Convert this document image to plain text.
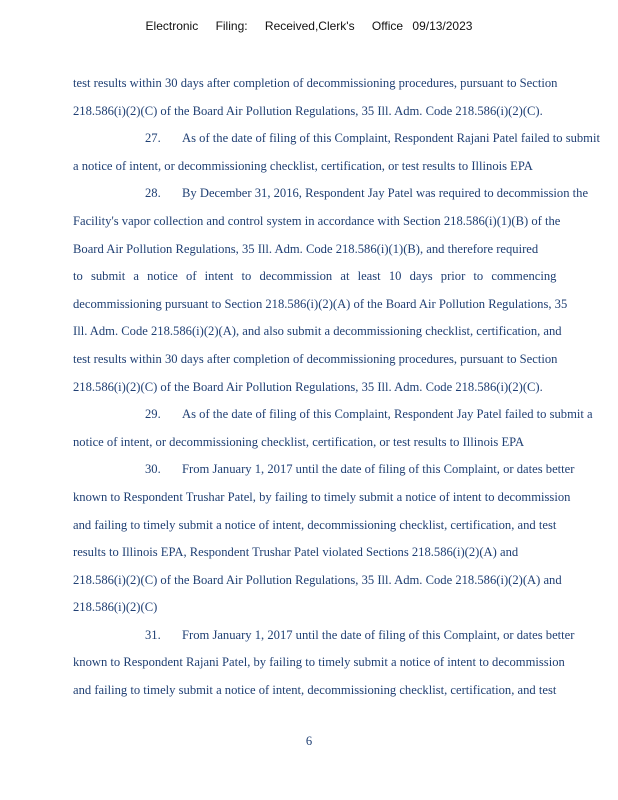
Electronic Filing: Received,Clerk's Office 09/13/2023
test results within 30 days after completion of decommissioning procedures, pursuant to Section
218.586(i)(2)(C) of the Board Air Pollution Regulations, 35 Ill. Adm. Code 218.586(i)(2)(C).
27. As of the date of filing of this Complaint, Respondent Rajani Patel failed to submit
a notice of intent, or decommissioning checklist, certification, or test results to Illinois EPA
28. By December 31, 2016, Respondent Jay Patel was required to decommission the
Facility's vapor collection and control system in accordance with Section 218.586(i)(1)(B) of the
Board Air Pollution Regulations, 35 Ill. Adm. Code 218.586(i)(1)(B), and therefore required
to submit a notice of intent to decommission at least 10 days prior to commencing
decommissioning pursuant to Section 218.586(i)(2)(A) of the Board Air Pollution Regulations, 35
Ill. Adm. Code 218.586(i)(2)(A), and also submit a decommissioning checklist, certification, and
test results within 30 days after completion of decommissioning procedures, pursuant to Section
218.586(i)(2)(C) of the Board Air Pollution Regulations, 35 Ill. Adm. Code 218.586(i)(2)(C).
29. As of the date of filing of this Complaint, Respondent Jay Patel failed to submit a
notice of intent, or decommissioning checklist, certification, or test results to Illinois EPA
30. From January 1, 2017 until the date of filing of this Complaint, or dates better
known to Respondent Trushar Patel, by failing to timely submit a notice of intent to decommission
and failing to timely submit a notice of intent, decommissioning checklist, certification, and test
results to Illinois EPA, Respondent Trushar Patel violated Sections 218.586(i)(2)(A) and
218.586(i)(2)(C) of the Board Air Pollution Regulations, 35 Ill. Adm. Code 218.586(i)(2)(A) and
218.586(i)(2)(C)
31. From January 1, 2017 until the date of filing of this Complaint, or dates better
known to Respondent Rajani Patel, by failing to timely submit a notice of intent to decommission
and failing to timely submit a notice of intent, decommissioning checklist, certification, and test
6
